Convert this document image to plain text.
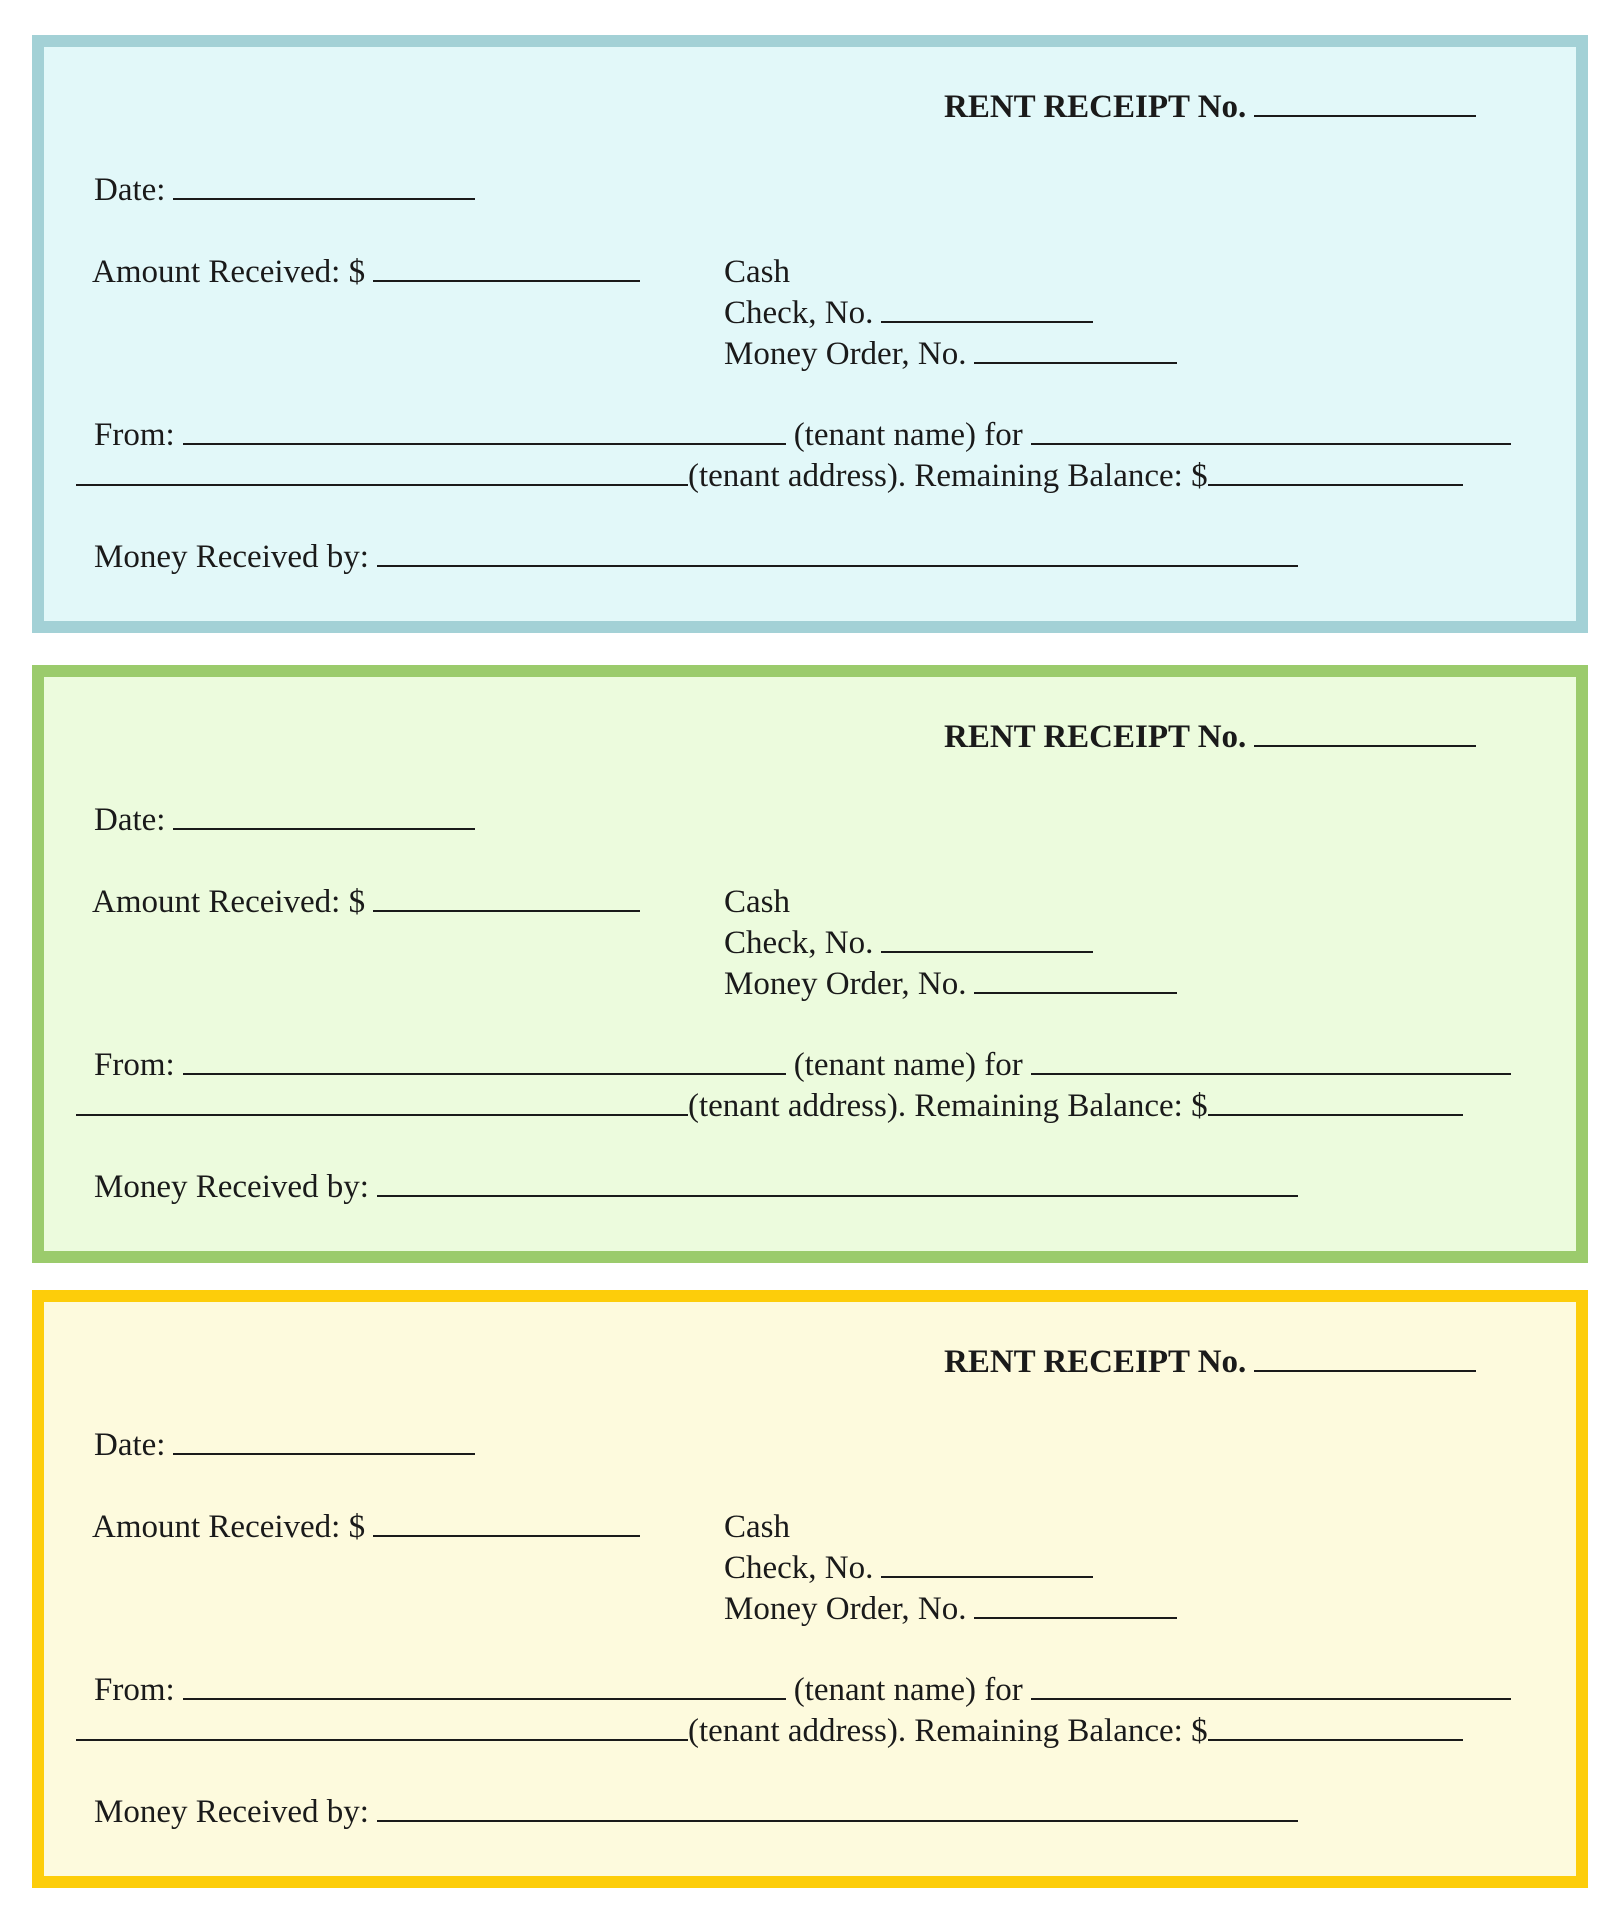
RENT RECEIPT No.
Date:
Amount Received: $	Cash
Check, No.
Money Order, No.
From:	(tenant name) for
(tenant address). Remaining Balance: $
Money Received by:
RENT RECEIPT No.
Date:
Amount Received: $	Cash
Check, No.
Money Order, No.
From:	(tenant name) for
(tenant address). Remaining Balance: $
Money Received by:
RENT RECEIPT No.
Date:
Amount Received: $	Cash
Check, No.
Money Order, No.
From:	(tenant name) for
(tenant address). Remaining Balance: $
Money Received by:
